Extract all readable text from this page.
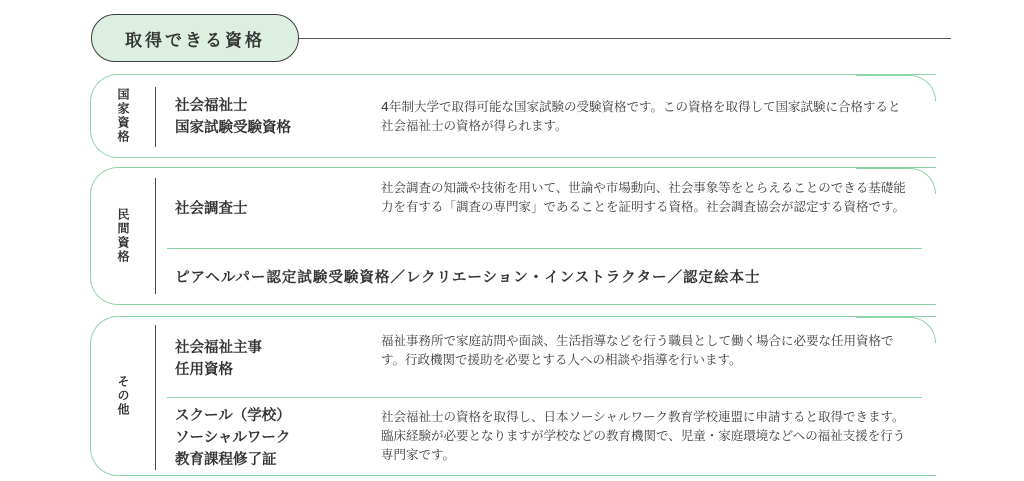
取得できる資格
国家資格	社会福祉士
国家試験受験資格
4年制大学で取得可能な国家試験の受験資格です。この資格を取得して国家試験に合格すると社会福祉士の資格が得られます。
民間資格	社会調査士
社会調査の知識や技術を用いて、世論や市場動向、社会事象等をとらえることのできる基礎能力を有する「調査の専門家」であることを証明する資格。社会調査協会が認定する資格です。
ピアヘルパー認定試験受験資格／レクリエーション・インストラクター／認定絵本士
その他
社会福祉主事
任用資格
福祉事務所で家庭訪問や面談、生活指導などを行う職員として働く場合に必要な任用資格です。行政機関で援助を必要とする人への相談や指導を行います。
スクール（学校）
ソーシャルワーク
教育課程修了証
社会福祉士の資格を取得し、日本ソーシャルワーク教育学校連盟に申請すると取得できます。臨床経験が必要となりますが学校などの教育機関で、児童・家庭環境などへの福祉支援を行う専門家です。
